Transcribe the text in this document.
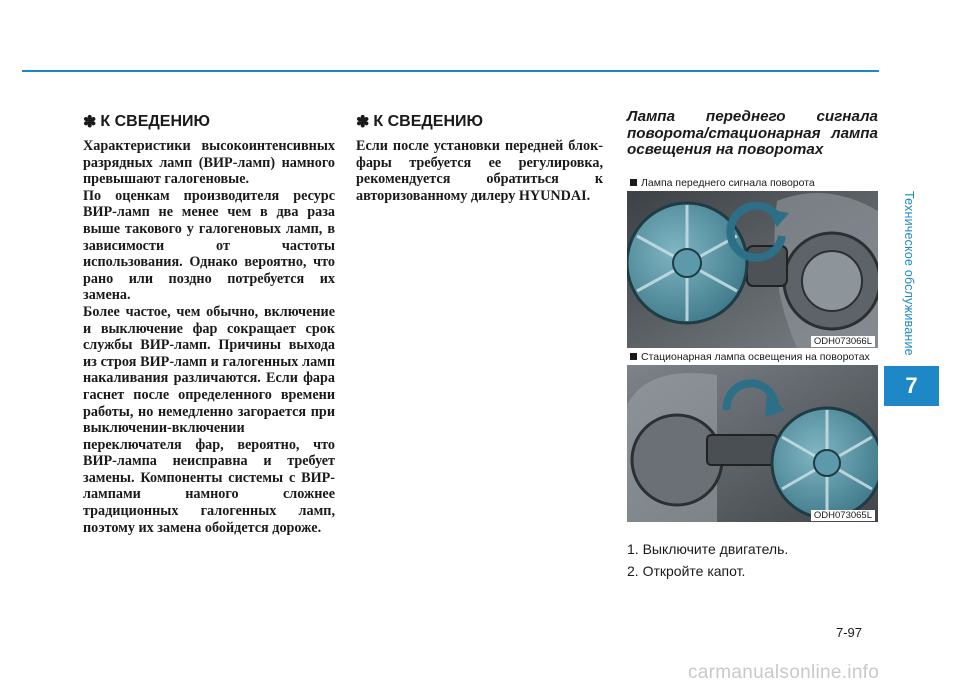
Техническое обслуживание
7
✽ К СВЕДЕНИЮ

Характеристики высокоинтенсивных разрядных ламп (ВИР-ламп) намного превышают галогеновые.

По оценкам производителя ресурс ВИР-ламп не менее чем в два раза выше такового у галогеновых ламп, в зависимости от частоты использования. Однако вероятно, что рано или поздно потребуется их замена.

Более частое, чем обычно, включение и выключение фар сокращает срок службы ВИР-ламп. Причины выхода из строя ВИР-ламп и галогенных ламп накаливания различаются. Если фара гаснет после определенного времени работы, но немедленно загорается при выключении-включении переключателя фар, вероятно, что ВИР-лампа неисправна и требует замены. Компоненты системы с ВИР-лампами намного сложнее традиционных галогенных ламп, поэтому их замена обойдется дороже.

✽ К СВЕДЕНИЮ

Если после установки передней блок-фары требуется ее регулировка, рекомендуется обратиться к авторизованному дилеру HYUNDAI.

Лампа переднего сигнала поворота/стационарная лампа освещения на поворотах
Лампа переднего сигнала поворота
ODH073066L
Стационарная лампа освещения на поворотах
ODH073065L
1. Выключите двигатель.
2. Откройте капот.
7-97
carmanualsonline.info
